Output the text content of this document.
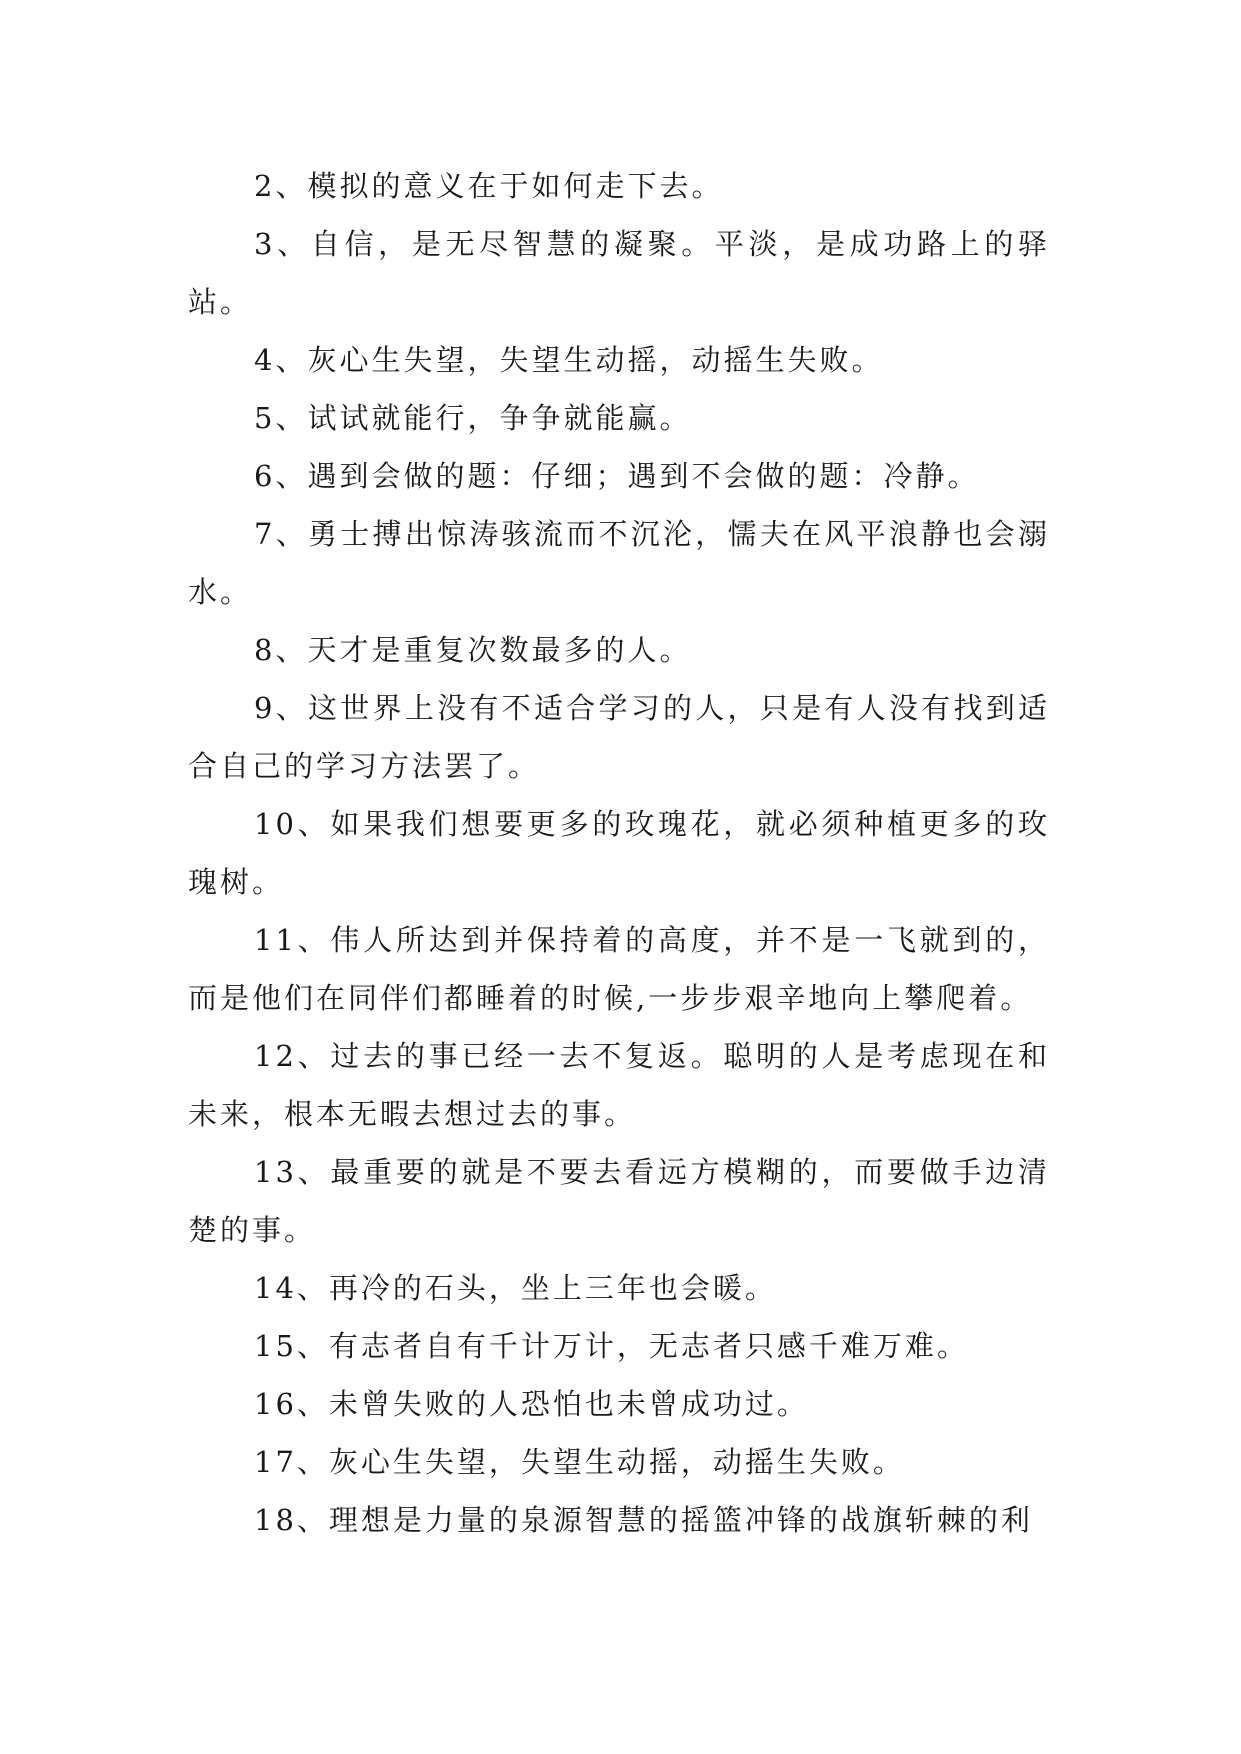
2、模拟的意义在于如何走下去。

3、自信，是无尽智慧的凝聚。平淡，是成功路上的驿站。

4、灰心生失望，失望生动摇，动摇生失败。

5、试试就能行，争争就能赢。

6、遇到会做的题：仔细；遇到不会做的题：冷静。

7、勇士搏出惊涛骇流而不沉沦，懦夫在风平浪静也会溺水。

8、天才是重复次数最多的人。

9、这世界上没有不适合学习的人，只是有人没有找到适合自己的学习方法罢了。

10、如果我们想要更多的玫瑰花，就必须种植更多的玫瑰树。

11、伟人所达到并保持着的高度，并不是一飞就到的，而是他们在同伴们都睡着的时候,一步步艰辛地向上攀爬着。

12、过去的事已经一去不复返。聪明的人是考虑现在和未来，根本无暇去想过去的事。

13、最重要的就是不要去看远方模糊的，而要做手边清楚的事。

14、再冷的石头，坐上三年也会暖。

15、有志者自有千计万计，无志者只感千难万难。

16、未曾失败的人恐怕也未曾成功过。

17、灰心生失望，失望生动摇，动摇生失败。

18、理想是力量的泉源智慧的摇篮冲锋的战旗斩棘的利
